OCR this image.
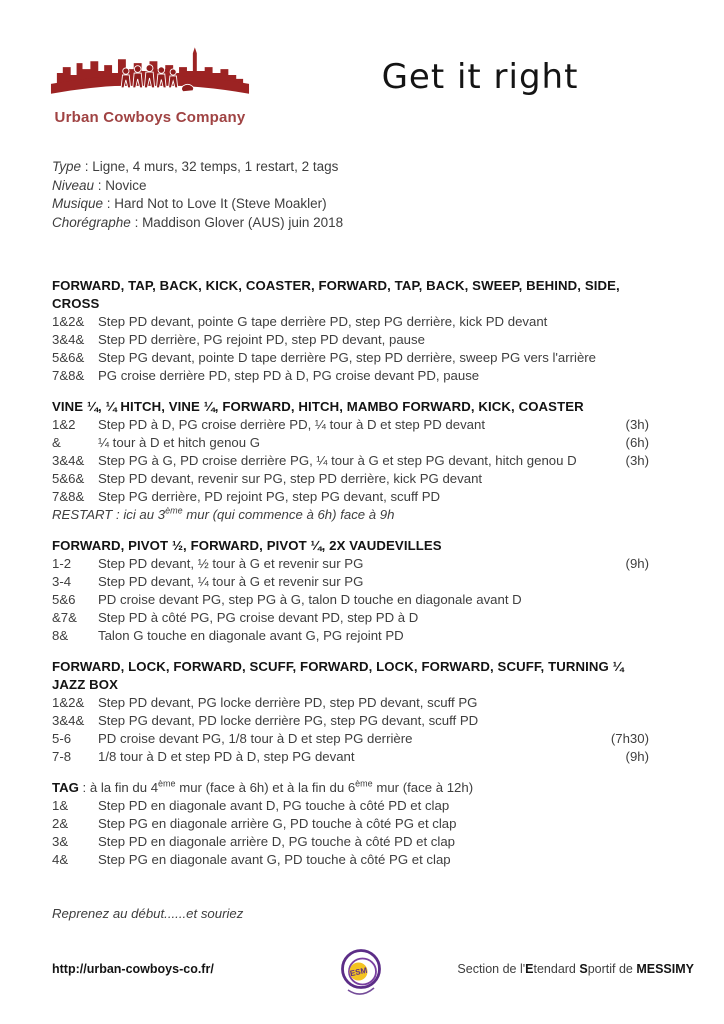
Urban Cowboys Company
Get it right
Type : Ligne, 4 murs, 32 temps, 1 restart, 2 tags
Niveau : Novice
Musique : Hard Not to Love It (Steve Moakler)
Chorégraphe : Maddison Glover (AUS) juin 2018
FORWARD, TAP, BACK, KICK, COASTER, FORWARD, TAP, BACK, SWEEP, BEHIND, SIDE, CROSS
1&2&	Step PD devant, pointe G tape derrière PD, step PG derrière, kick PD devant
3&4&	Step PD derrière, PG rejoint PD, step PD devant, pause
5&6&	Step PG devant, pointe D tape derrière PG, step PD derrière, sweep PG vers l'arrière
7&8&	PG croise derrière PD, step PD à D, PG croise devant PD, pause
VINE ¼, ¼ HITCH, VINE ¼, FORWARD, HITCH, MAMBO FORWARD, KICK, COASTER
1&2	Step PD à D, PG croise derrière PD, ¼ tour à D et step PD devant	(3h)
&	¼ tour à D et hitch genou G	(6h)
3&4&	Step PG à G, PD croise derrière PG, ¼ tour à G et step PG devant, hitch genou D	(3h)
5&6&	Step PD devant, revenir sur PG, step PD derrière, kick PG devant
7&8&	Step PG derrière, PD rejoint PG, step PG devant, scuff PD
RESTART : ici au 3ème mur (qui commence à 6h) face à 9h
FORWARD, PIVOT ½, FORWARD, PIVOT ¼, 2X VAUDEVILLES
1-2	Step PD devant, ½ tour à G et revenir sur PG	(9h)
3-4	Step PD devant, ¼ tour à G et revenir sur PG
5&6	PD croise devant PG, step PG à G, talon D touche en diagonale avant D
&7&	Step PD à côté PG, PG croise devant PD, step PD à D
8&	Talon G touche en diagonale avant G, PG rejoint PD
FORWARD, LOCK, FORWARD, SCUFF, FORWARD, LOCK, FORWARD, SCUFF, TURNING ¼ JAZZ BOX
1&2&	Step PD devant, PG locke derrière PD, step PD devant, scuff PG
3&4&	Step PG devant, PD locke derrière PG, step PG devant, scuff PD
5-6	PD croise devant PG, 1/8 tour à D et step PG derrière	(7h30)
7-8	1/8 tour à D et step PD à D, step PG devant	(9h)
TAG : à la fin du 4ème mur (face à 6h) et à la fin du 6ème mur (face à 12h)
1&	Step PD en diagonale avant D, PG touche à côté PD et clap
2&	Step PG en diagonale arrière G, PD touche à côté PG et clap
3&	Step PD en diagonale arrière D, PG touche à côté PD et clap
4&	Step PG en diagonale avant G, PD touche à côté PG et clap
Reprenez au début......et souriez
http://urban-cowboys-co.fr/	ESM	Section de l'Etendard Sportif de MESSIMY
